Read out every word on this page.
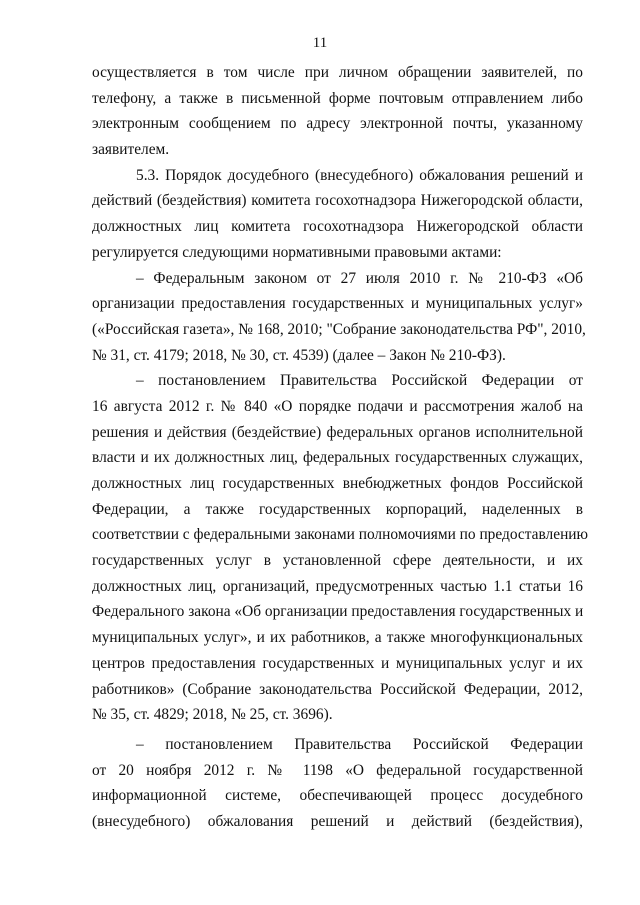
11
осуществляется в том числе при личном обращении заявителей, по
телефону, а также в письменной форме почтовым отправлением либо
электронным сообщением по адресу электронной почты, указанному
заявителем.
5.3. Порядок досудебного (внесудебного) обжалования решений и
действий (бездействия) комитета госохотнадзора Нижегородской области,
должностных лиц комитета госохотнадзора Нижегородской области
регулируется следующими нормативными правовыми актами:
– Федеральным законом от 27 июля 2010 г. № 210-ФЗ «Об
организации предоставления государственных и муниципальных услуг»
(«Российская газета», № 168, 2010; "Собрание законодательства РФ", 2010,
№ 31, ст. 4179; 2018, № 30, ст. 4539) (далее – Закон № 210-ФЗ).
– постановлением Правительства Российской Федерации от
16 августа 2012 г. № 840 «О порядке подачи и рассмотрения жалоб на
решения и действия (бездействие) федеральных органов исполнительной
власти и их должностных лиц, федеральных государственных служащих,
должностных лиц государственных внебюджетных фондов Российской
Федерации, а также государственных корпораций, наделенных в
соответствии с федеральными законами полномочиями по предоставлению
государственных услуг в установленной сфере деятельности, и их
должностных лиц, организаций, предусмотренных частью 1.1 статьи 16
Федерального закона «Об организации предоставления государственных и
муниципальных услуг», и их работников, а также многофункциональных
центров предоставления государственных и муниципальных услуг и их
работников» (Собрание законодательства Российской Федерации, 2012,
№ 35, ст. 4829; 2018, № 25, ст. 3696).
– постановлением Правительства Российской Федерации
от 20 ноября 2012 г. № 1198 «О федеральной государственной
информационной системе, обеспечивающей процесс досудебного
(внесудебного) обжалования решений и действий (бездействия),
